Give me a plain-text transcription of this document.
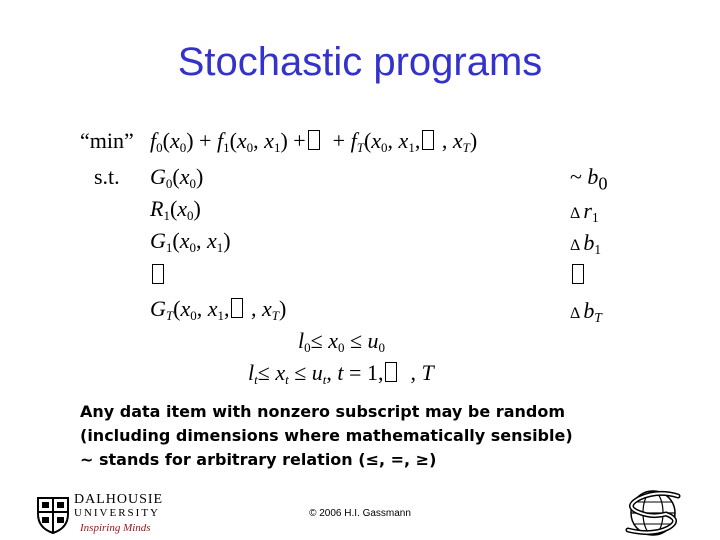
Stochastic programs
“min” $f_0(x_0) + f_1(x_0$, $x_1$) +  + $f_T(x_0$, $x_1$, , $x_T$)
s.t. $G_0(x_0)$	~ $b_0$
$R_1(x_0)$	Δ $r_1$
$G_1(x_0$, $x_1$)	Δ $b_1$
$G_T(x_0$, $x_1$, , $x_T$)	Δ $b_T$
$l_0\le x_0 \le u_0$
$l_t\le x_t \le u_t$, t = 1,  , T
Any data item with nonzero subscript may be random
(including dimensions where mathematically sensible)
~ stands for arbitrary relation (≤, =, ≥)
DALHOUSIE
UNIVERSITY
Inspiring Minds
© 2006 H.I. Gassmann
